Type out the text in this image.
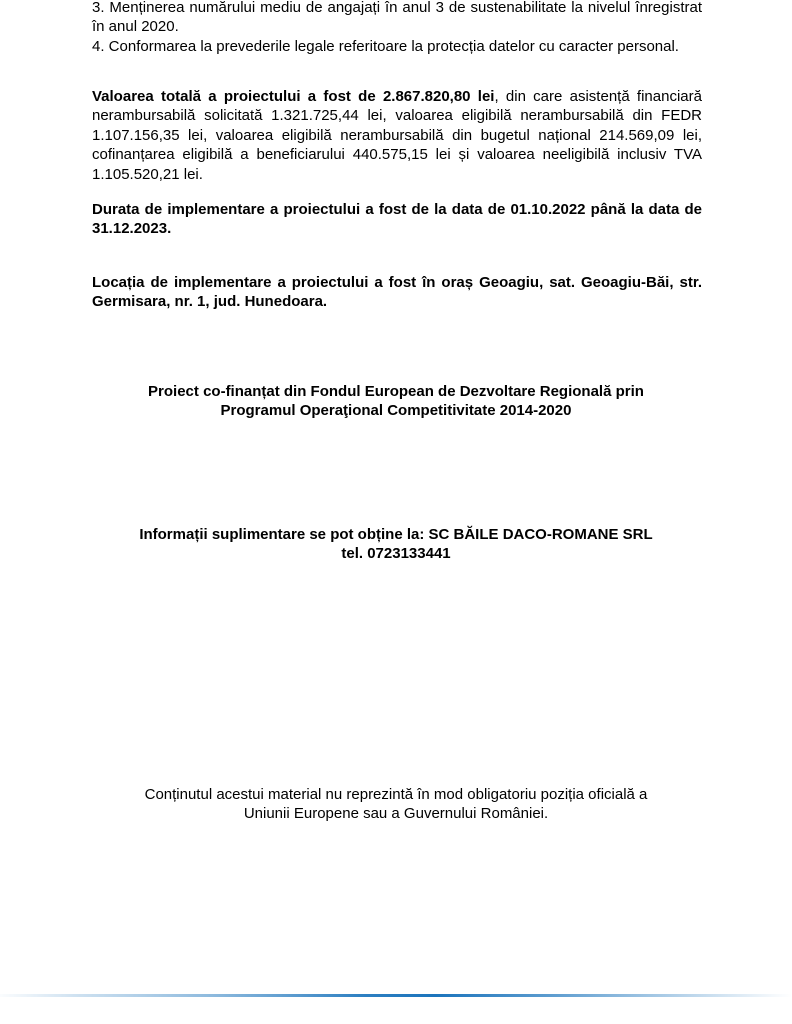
3. Menținerea numărului mediu de angajați în anul 3 de sustenabilitate la nivelul înregistrat în anul 2020.

4. Conformarea la prevederile legale referitoare la protecția datelor cu caracter personal.

Valoarea totală a proiectului a fost de 2.867.820,80 lei, din care asistență financiară nerambursabilă solicitată 1.321.725,44 lei, valoarea eligibilă nerambursabilă din FEDR 1.107.156,35 lei, valoarea eligibilă nerambursabilă din bugetul național 214.569,09 lei, cofinanțarea eligibilă a beneficiarului 440.575,15 lei și valoarea neeligibilă inclusiv TVA 1.105.520,21 lei.

Durata de implementare a proiectului a fost de la data de 01.10.2022 până la data de 31.12.2023.

Locația de implementare a proiectului a fost în oraș Geoagiu, sat. Geoagiu-Băi, str. Germisara, nr. 1, jud. Hunedoara.

Proiect co-finanțat din Fondul European de Dezvoltare Regională prin

Programul Operaţional Competitivitate 2014-2020

Informații suplimentare se pot obține la: SC BĂILE DACO-ROMANE SRL

tel. 0723133441

Conținutul acestui material nu reprezintă în mod obligatoriu poziția oficială a

Uniunii Europene sau a Guvernului României.
